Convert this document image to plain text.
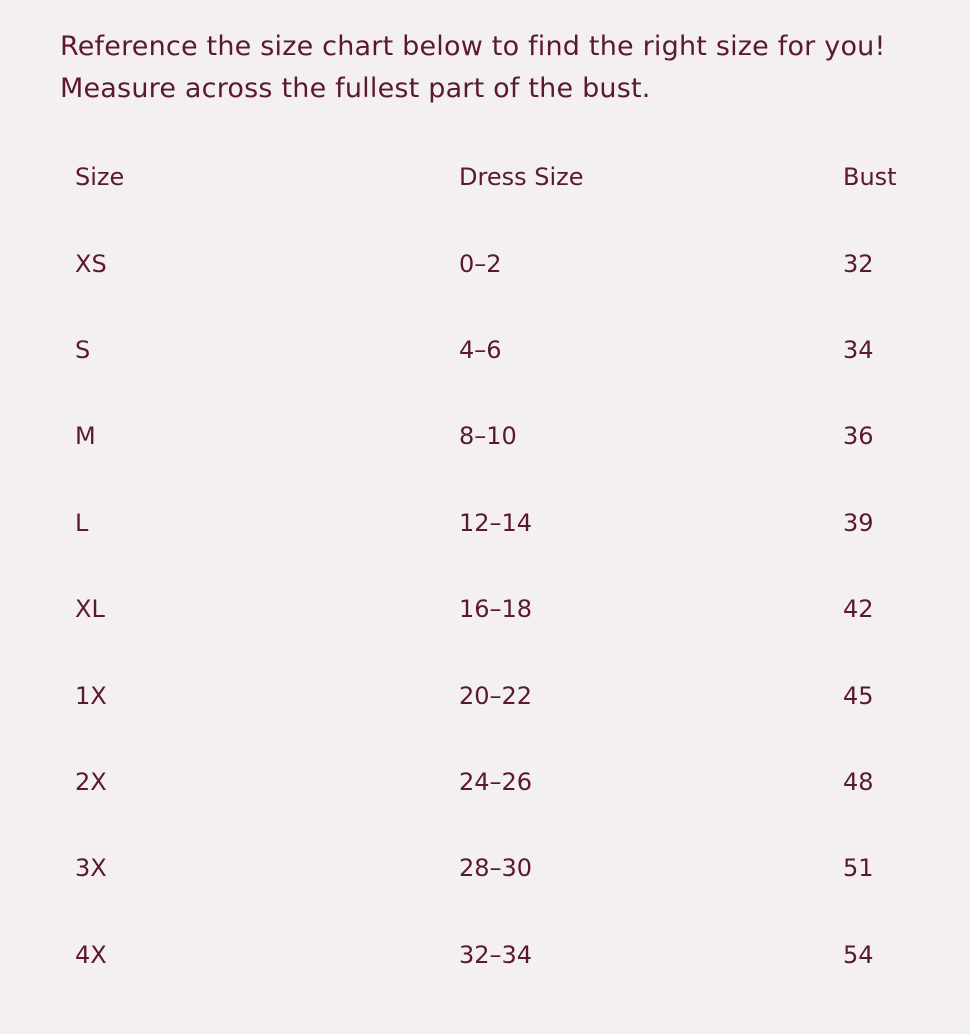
Reference the size chart below to find the right size for you! Measure across the fullest part of the bust.

Size	Dress Size	Bust
XS	0–2	32
S	4–6	34
M	8–10	36
L	12–14	39
XL	16–18	42
1X	20–22	45
2X	24–26	48
3X	28–30	51
4X	32–34	54
